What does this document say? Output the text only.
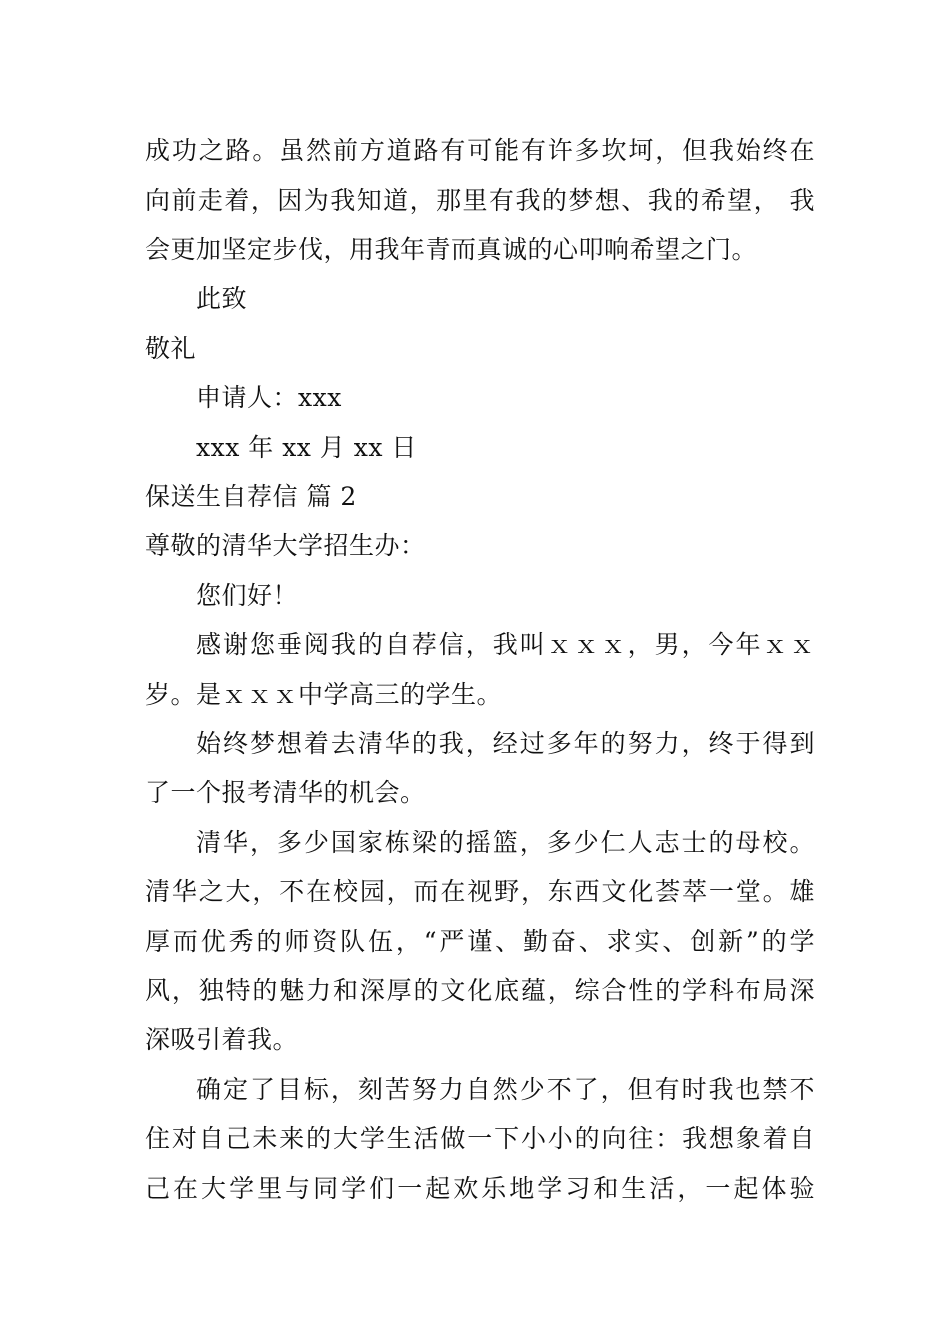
成功之路。虽然前方道路有可能有许多坎坷，但我始终在
向前走着，因为我知道，那里有我的梦想、我的希望， 我
会更加坚定步伐，用我年青而真诚的心叩响希望之门。
此致
敬礼
申请人：xxx
xxx 年 xx 月 xx 日
保送生自荐信 篇 2
尊敬的清华大学招生办：
您们好！
感谢您垂阅我的自荐信，我叫ｘｘｘ，男，今年ｘｘ
岁。是ｘｘｘ中学高三的学生。
始终梦想着去清华的我，经过多年的努力，终于得到
了一个报考清华的机会。
清华，多少国家栋梁的摇篮，多少仁人志士的母校。
清华之大，不在校园，而在视野，东西文化荟萃一堂。雄
厚而优秀的师资队伍，“严谨、勤奋、求实、创新”的学
风，独特的魅力和深厚的文化底蕴，综合性的学科布局深
深吸引着我。
确定了目标，刻苦努力自然少不了，但有时我也禁不
住对自己未来的大学生活做一下小小的向往：我想象着自
己在大学里与同学们一起欢乐地学习和生活，一起体验
